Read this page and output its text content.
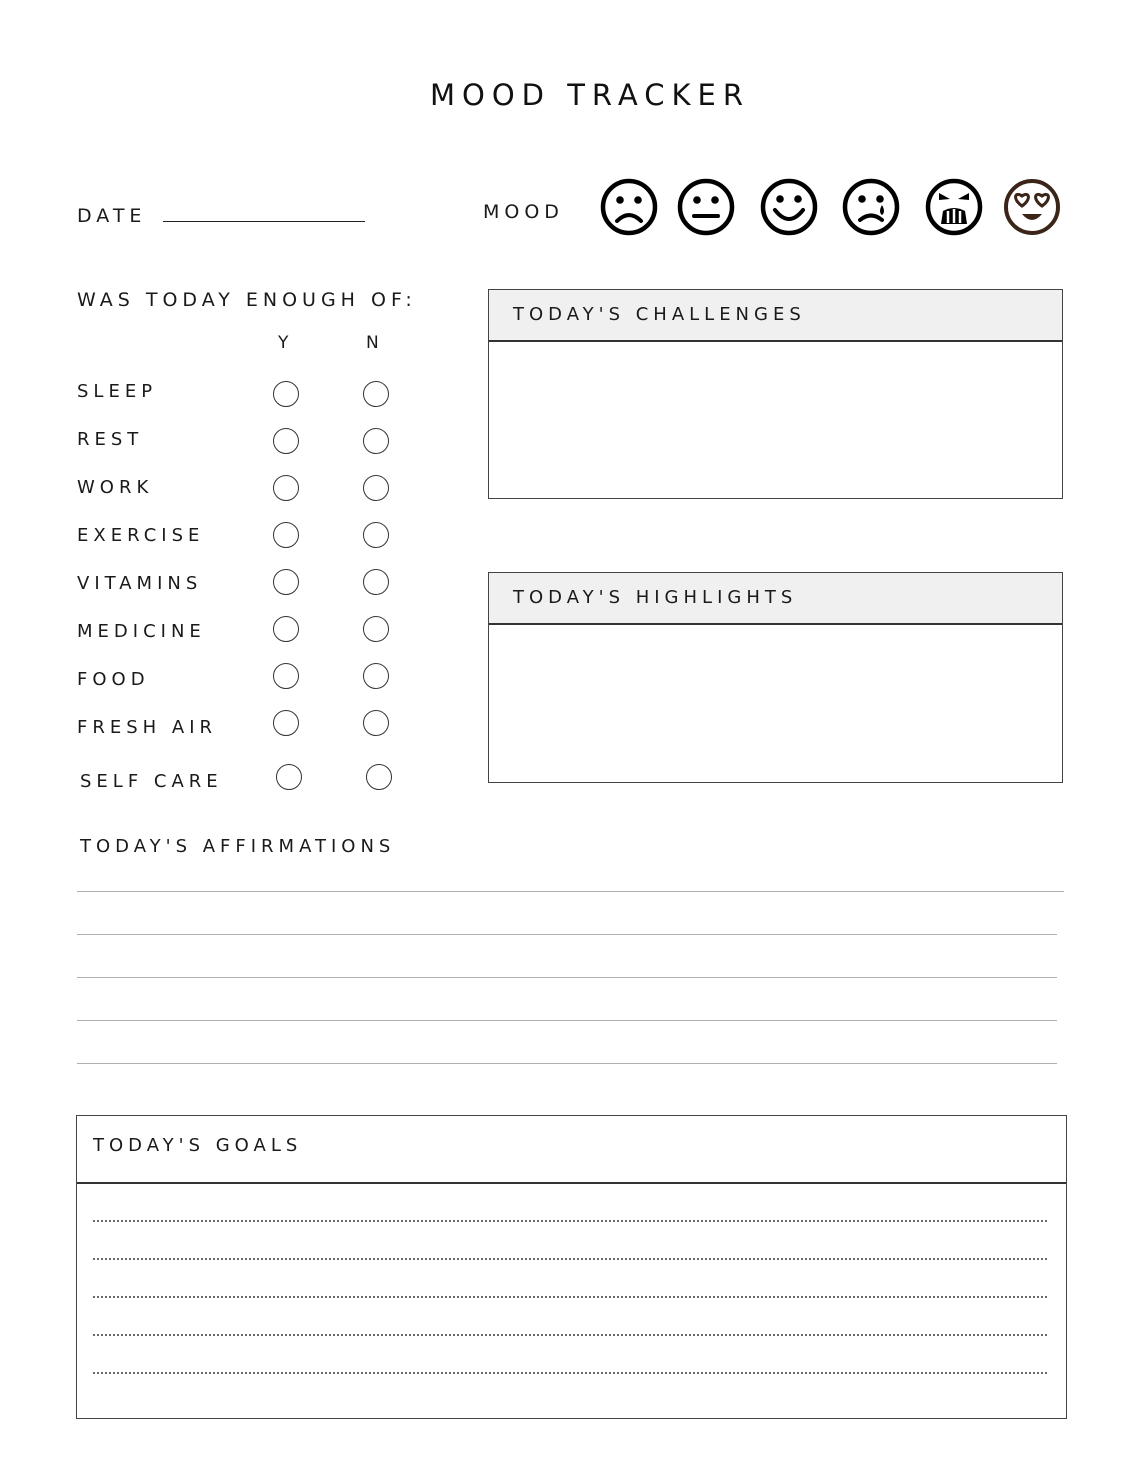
MOOD TRACKER
DATE	MOOD
WAS TODAY ENOUGH OF:
Y	N
SLEEP
REST
WORK
EXERCISE
VITAMINS
MEDICINE
FOOD
FRESH AIR
SELF CARE
TODAY'S CHALLENGES
TODAY'S HIGHLIGHTS
TODAY'S AFFIRMATIONS
TODAY'S GOALS
